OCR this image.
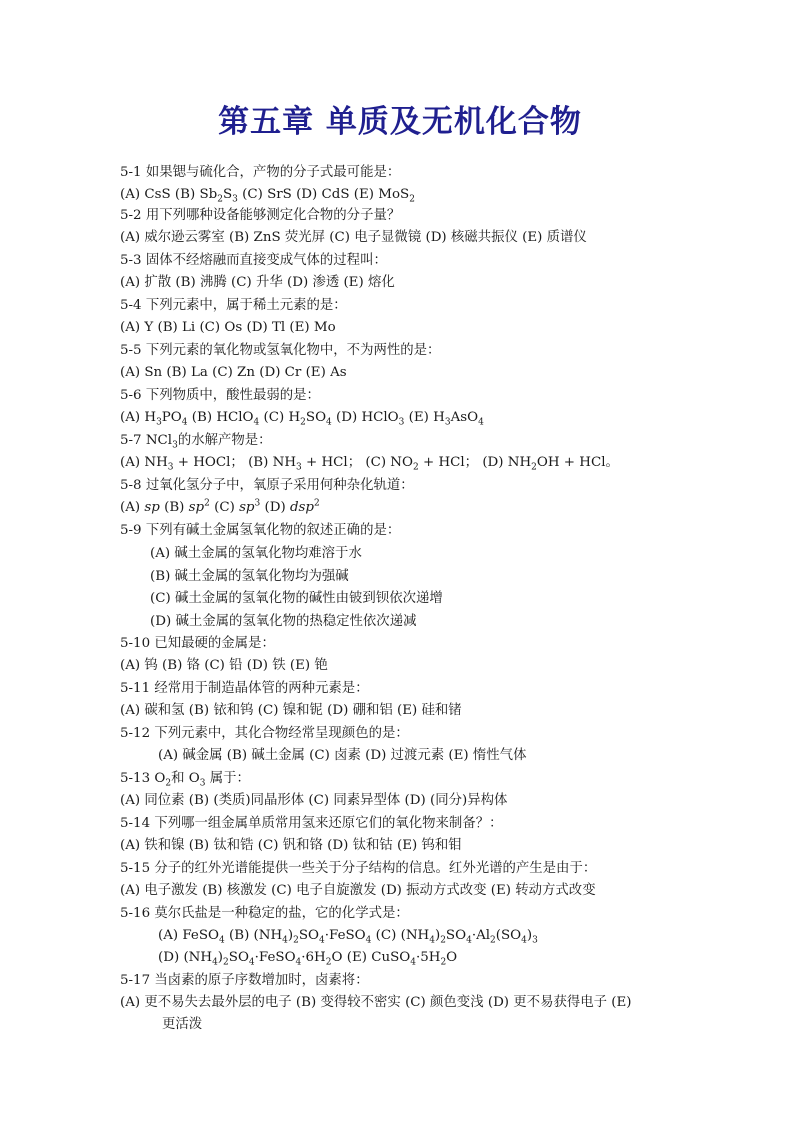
第五章 单质及无机化合物
5-1 如果锶与硫化合，产物的分子式最可能是：
(A) CsS (B) $Sb_2S_3$ (C) SrS (D) CdS (E) MoS$_2$
5-2 用下列哪种设备能够测定化合物的分子量？
(A) 威尔逊云雾室 (B) ZnS 荧光屏 (C) 电子显微镜 (D) 核磁共振仪 (E) 质谱仪
5-3 固体不经熔融而直接变成气体的过程叫：
(A) 扩散 (B) 沸腾 (C) 升华 (D) 渗透 (E) 熔化
5-4 下列元素中，属于稀土元素的是：
(A) Y (B) Li (C) Os (D) Tl (E) Mo
5-5 下列元素的氧化物或氢氧化物中，不为两性的是：
(A) Sn (B) La (C) Zn (D) Cr (E) As
5-6 下列物质中，酸性最弱的是：
(A) $H_3PO_4$ (B) HClO$_4$ (C) $H_2SO_4$ (D) HClO$_3$ (E) $H_3AsO_4$
5-7 NCl$_3$的水解产物是：
(A) $NH_3$ + HOCl； (B) $NH_3$ + HCl； (C) $NO_2$ + HCl； (D) $NH_2OH$ + HCl。
5-8 过氧化氢分子中，氧原子采用何种杂化轨道：
(A) sp (B) $sp^2$ (C) $sp^3$ (D) dsp$^2$
5-9 下列有碱土金属氢氧化物的叙述正确的是：
(A) 碱土金属的氢氧化物均难溶于水
(B) 碱土金属的氢氧化物均为强碱
(C) 碱土金属的氢氧化物的碱性由铍到钡依次递增
(D) 碱土金属的氢氧化物的热稳定性依次递减
5-10 已知最硬的金属是：
(A) 钨 (B) 铬 (C) 铅 (D) 铁 (E) 铯
5-11 经常用于制造晶体管的两种元素是：
(A) 碳和氢 (B) 铱和钨 (C) 镍和铌 (D) 硼和铝 (E) 硅和锗
5-12 下列元素中，其化合物经常呈现颜色的是：
(A) 碱金属 (B) 碱土金属 (C) 卤素 (D) 过渡元素 (E) 惰性气体
5-13 $O_2$和 $O_3$ 属于：
(A) 同位素 (B) (类质)同晶形体 (C) 同素异型体 (D) (同分)异构体
5-14 下列哪一组金属单质常用氢来还原它们的氧化物来制备？：
(A) 铁和镍 (B) 钛和锆 (C) 钒和铬 (D) 钛和钴 (E) 钨和钼
5-15 分子的红外光谱能提供一些关于分子结构的信息。红外光谱的产生是由于：
(A) 电子激发 (B) 核激发 (C) 电子自旋激发 (D) 振动方式改变 (E) 转动方式改变
5-16 莫尔氏盐是一种稳定的盐，它的化学式是：
(A) FeSO$_4$ (B) $(NH_4)_2SO_4\cdot FeSO_4$ (C) $(NH_4)_2SO_4\cdot Al_2(SO_4)_3$
(D) $(NH_4)_2SO_4\cdot FeSO_4\cdot 6H_2O$ (E) $CuSO_4\cdot 5H_2O$
5-17 当卤素的原子序数增加时，卤素将：
(A) 更不易失去最外层的电子 (B) 变得较不密实 (C) 颜色变浅 (D) 更不易获得电子 (E)
更活泼
